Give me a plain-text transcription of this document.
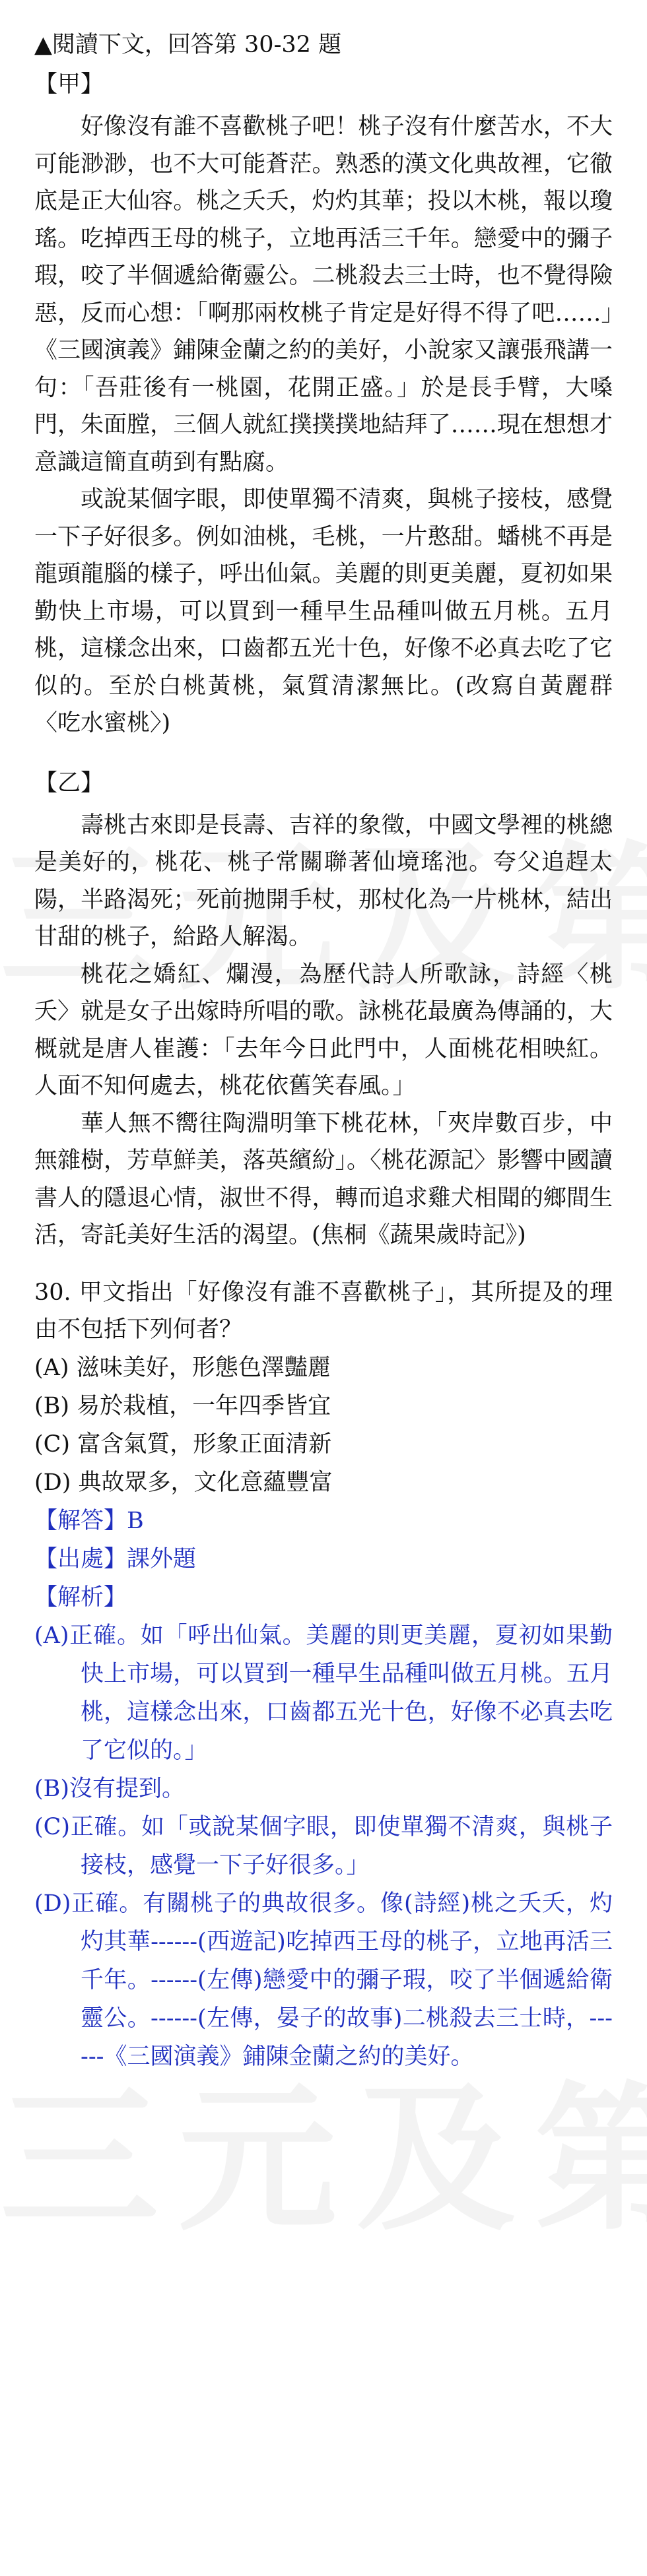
▲閱讀下文，回答第 30-32 題
【甲】
好像沒有誰不喜歡桃子吧！桃子沒有什麼苦水，不大可能渺渺，也不大可能蒼茫。熟悉的漢文化典故裡，它徹底是正大仙容。桃之夭夭，灼灼其華；投以木桃，報以瓊瑤。吃掉西王母的桃子，立地再活三千年。戀愛中的彌子瑕，咬了半個遞給衛靈公。二桃殺去三士時，也不覺得險惡，反而心想：「啊那兩枚桃子肯定是好得不得了吧……」《三國演義》鋪陳金蘭之約的美好，小說家又讓張飛講一句：「吾莊後有一桃園，花開正盛。」於是長手臂，大嗓門，朱面膛，三個人就紅撲撲撲地結拜了……現在想想才意識這簡直萌到有點腐。
或說某個字眼，即使單獨不清爽，與桃子接枝，感覺一下子好很多。例如油桃，毛桃，一片憨甜。蟠桃不再是龍頭龍腦的樣子，呼出仙氣。美麗的則更美麗，夏初如果勤快上市場，可以買到一種早生品種叫做五月桃。五月桃，這樣念出來，口齒都五光十色，好像不必真去吃了它似的。至於白桃黃桃，氣質清潔無比。(改寫自黃麗群〈吃水蜜桃〉)
【乙】
壽桃古來即是長壽、吉祥的象徵，中國文學裡的桃總是美好的，桃花、桃子常關聯著仙境瑤池。夸父追趕太陽，半路渴死；死前拋開手杖，那杖化為一片桃林，結出甘甜的桃子，給路人解渴。
桃花之嬌紅、爛漫，為歷代詩人所歌詠，詩經〈桃夭〉就是女子出嫁時所唱的歌。詠桃花最廣為傳誦的，大概就是唐人崔護：「去年今日此門中，人面桃花相映紅。人面不知何處去，桃花依舊笑春風。」
華人無不嚮往陶淵明筆下桃花林，「夾岸數百步，中無雜樹，芳草鮮美，落英繽紛」。〈桃花源記〉影響中國讀書人的隱退心情，淑世不得，轉而追求雞犬相聞的鄉間生活，寄託美好生活的渴望。(焦桐《蔬果歲時記》)
30. 甲文指出「好像沒有誰不喜歡桃子」，其所提及的理由不包括下列何者？
(A) 滋味美好，形態色澤豔麗
(B) 易於栽植，一年四季皆宜
(C) 富含氣質，形象正面清新
(D) 典故眾多，文化意蘊豐富
【解答】B
【出處】課外題
【解析】
(A)正確。如「呼出仙氣。美麗的則更美麗，夏初如果勤快上市場，可以買到一種早生品種叫做五月桃。五月桃，這樣念出來，口齒都五光十色，好像不必真去吃了它似的。」
(B)沒有提到。
(C)正確。如「或說某個字眼，即使單獨不清爽，與桃子接枝，感覺一下子好很多。」
(D)正確。有關桃子的典故很多。像(詩經)桃之夭夭，灼灼其華------(西遊記)吃掉西王母的桃子，立地再活三千年。------(左傳)戀愛中的彌子瑕，咬了半個遞給衛靈公。------(左傳，晏子的故事)二桃殺去三士時，------《三國演義》鋪陳金蘭之約的美好。
